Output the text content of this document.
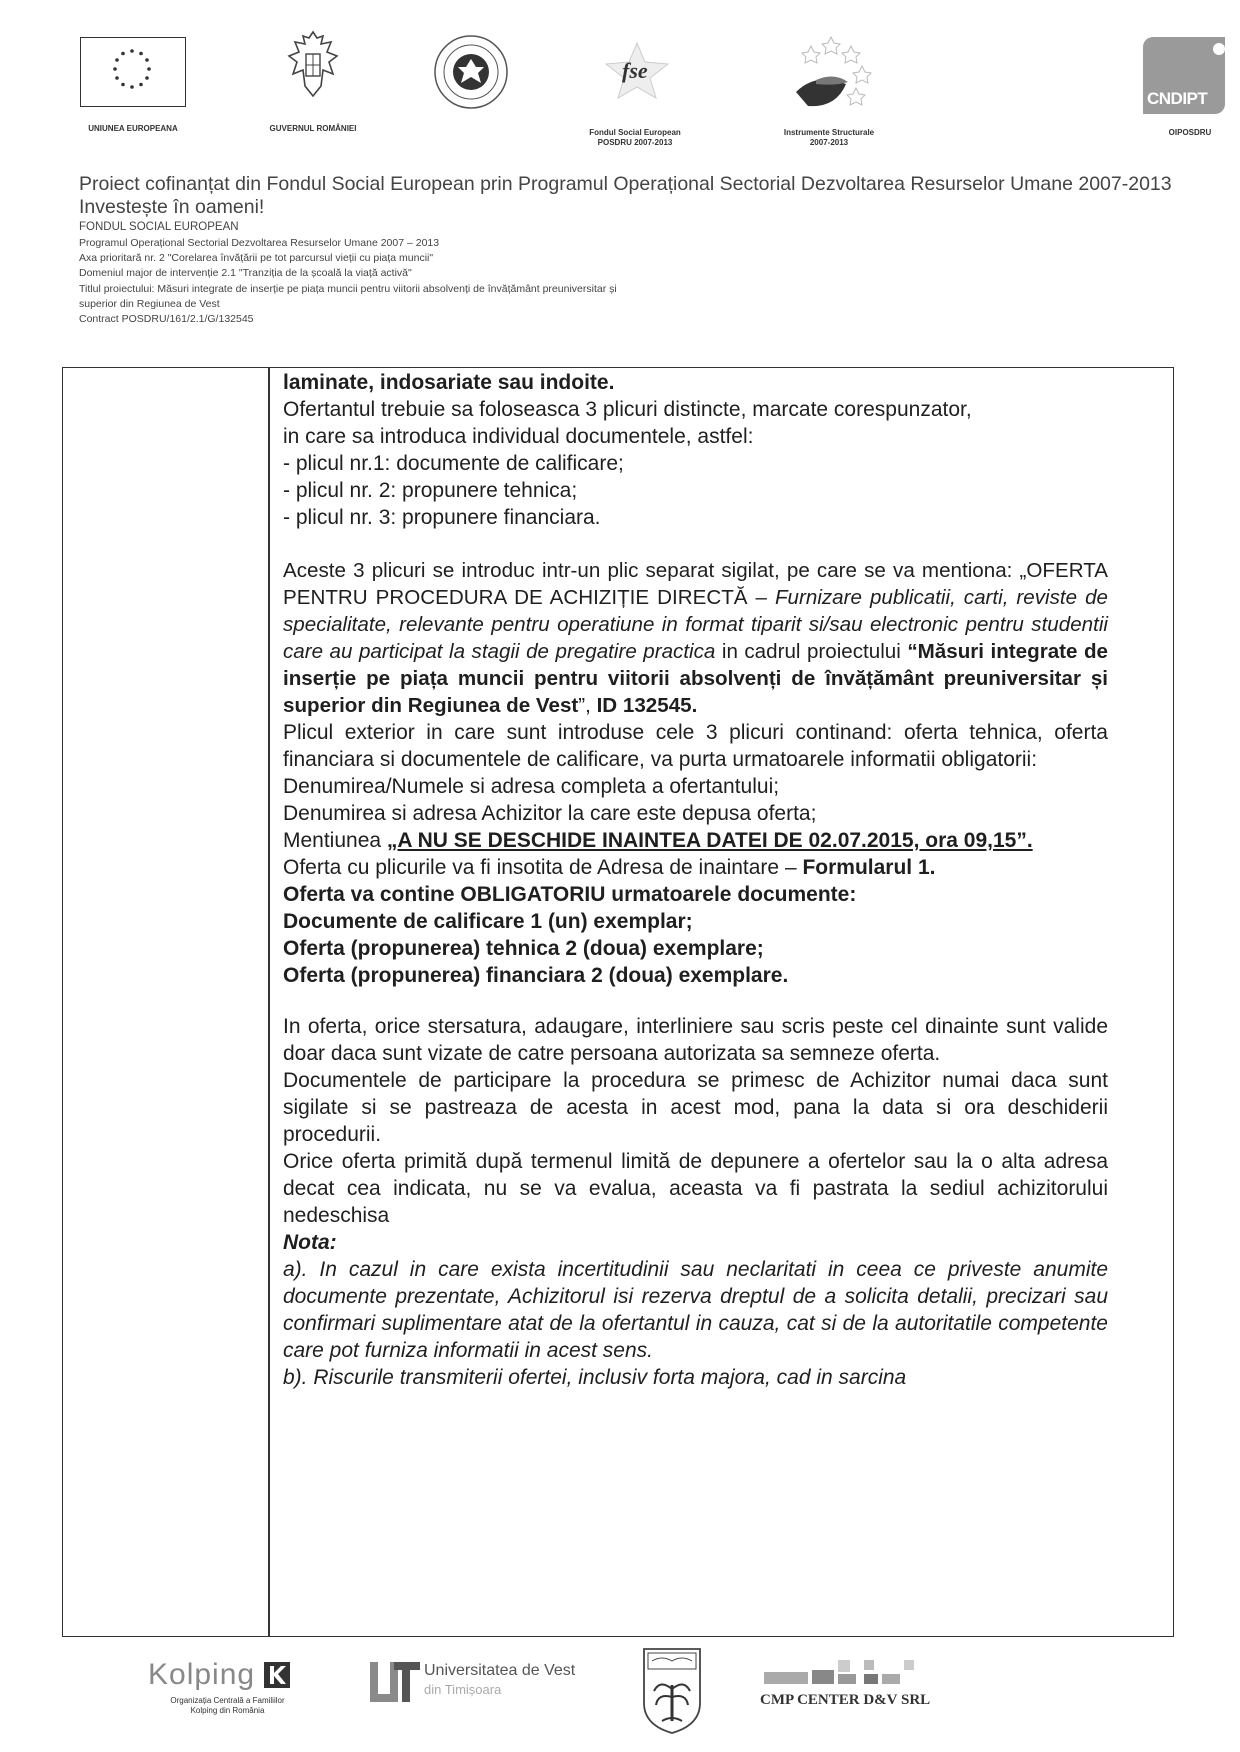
UNIUNEA EUROPEANA	GUVERNUL ROMÂNIEI
fse
Fondul Social European
POSDRU 2007-2013
Instrumente Structurale
2007-2013
CNDIPT
OIPOSDRU
Proiect cofinanțat din Fondul Social European prin Programul Operațional Sectorial Dezvoltarea Resurselor Umane 2007-2013
Investește în oameni!
FONDUL SOCIAL EUROPEAN
Programul Operațional Sectorial Dezvoltarea Resurselor Umane 2007 – 2013
Axa prioritară nr. 2 "Corelarea învățării pe tot parcursul vieții cu piața muncii"
Domeniul major de intervenție 2.1 "Tranziția de la școală la viață activă"
Titlul proiectului: Măsuri integrate de inserție pe piața muncii pentru viitorii absolvenți de învățământ preuniversitar și
superior din Regiunea de Vest
Contract POSDRU/161/2.1/G/132545

laminate, indosariate sau indoite.

Ofertantul trebuie sa foloseasca 3 plicuri distincte, marcate corespunzator,

in care sa introduca individual documentele, astfel:

- plicul nr.1: documente de calificare;

- plicul nr. 2: propunere tehnica;

- plicul nr. 3: propunere financiara.

Aceste 3 plicuri se introduc intr-un plic separat sigilat, pe care se va mentiona: „OFERTA PENTRU PROCEDURA DE ACHIZIȚIE DIRECTĂ – Furnizare publicatii, carti, reviste de specialitate, relevante pentru operatiune in format tiparit si/sau electronic pentru studentii care au participat la stagii de pregatire practica in cadrul proiectului “Măsuri integrate de inserție pe piața muncii pentru viitorii absolvenți de învățământ preuniversitar și superior din Regiunea de Vest”, ID 132545.

Plicul exterior in care sunt introduse cele 3 plicuri continand: oferta tehnica, oferta financiara si documentele de calificare, va purta urmatoarele informatii obligatorii:

Denumirea/Numele si adresa completa a ofertantului;

Denumirea si adresa Achizitor la care este depusa oferta;

Mentiunea „A NU SE DESCHIDE INAINTEA DATEI DE 02.07.2015, ora 09,15”.

Oferta cu plicurile va fi insotita de Adresa de inaintare – Formularul 1.

Oferta va contine OBLIGATORIU urmatoarele documente:

Documente de calificare 1 (un) exemplar;

Oferta (propunerea) tehnica 2 (doua) exemplare;

Oferta (propunerea) financiara 2 (doua) exemplare.

In oferta, orice stersatura, adaugare, interliniere sau scris peste cel dinainte sunt valide doar daca sunt vizate de catre persoana autorizata sa semneze oferta.

Documentele de participare la procedura se primesc de Achizitor numai daca sunt sigilate si se pastreaza de acesta in acest mod, pana la data si ora deschiderii procedurii.

Orice oferta primită după termenul limită de depunere a ofertelor sau la o alta adresa decat cea indicata, nu se va evalua, aceasta va fi pastrata la sediul achizitorului nedeschisa

Nota:

a). In cazul in care exista incertitudinii sau neclaritati in ceea ce priveste anumite documente prezentate, Achizitorul isi rezerva dreptul de a solicita detalii, precizari sau confirmari suplimentare atat de la ofertantul in cauza, cat si de la autoritatile competente care pot furniza informatii in acest sens.

b). Riscurile transmiterii ofertei, inclusiv forta majora, cad in sarcina

Kolping
Organizația Centrală a Familiilor
Kolping din România
Universitatea de Vest
din Timișoara
CMP CENTER D&V SRL
